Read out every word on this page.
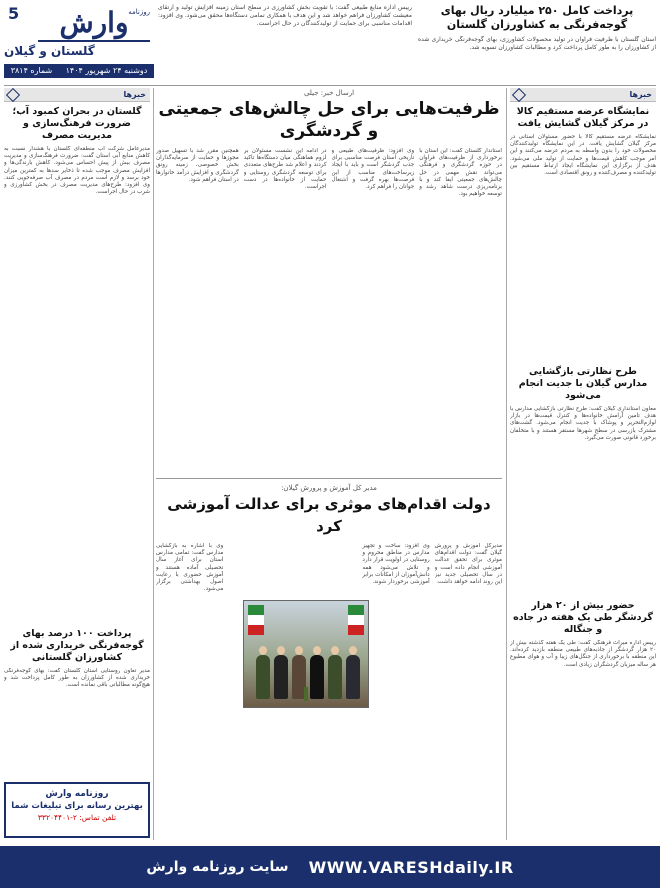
5	وارش روزنامه
گلستان و گیلان
دوشنبه ۲۴ شهریور ۱۴۰۴
شماره ۳۸۱۴
رییس اداره منابع طبیعی گفت: با تقویت بخش کشاورزی در سطح استان زمینه افزایش تولید و ارتقای معیشت کشاورزان فراهم خواهد شد و این هدف با همکاری تمامی دستگاه‌ها محقق می‌شود. وی افزود: اقدامات مناسبی برای حمایت از تولیدکنندگان در حال اجراست.
پرداخت کامل ۲۵۰ میلیارد ریال بهای گوجه‌فرنگی به کشاورزان گلستان

استان گلستان با ظرفیت فراوان در تولید محصولات کشاورزی، بهای گوجه‌فرنگی خریداری شده از کشاورزان را به طور کامل پرداخت کرد و مطالبات کشاورزان تسویه شد.

خبرها
نمایشگاه عرضه مستقیم کالا در مرکز گیلان گشایش یافت
نمایشگاه عرضه مستقیم کالا با حضور مسئولان استانی در مرکز گیلان گشایش یافت. در این نمایشگاه تولیدکنندگان محصولات خود را بدون واسطه به مردم عرضه می‌کنند و این امر موجب کاهش قیمت‌ها و حمایت از تولید ملی می‌شود. هدف از برگزاری این نمایشگاه ایجاد ارتباط مستقیم بین تولیدکننده و مصرف‌کننده و رونق اقتصادی است.
طرح نظارتی بازگشایی مدارس گیلان با جدیت انجام می‌شود
معاون استانداری گیلان گفت: طرح نظارتی بازگشایی مدارس با هدف تامین آرامش خانواده‌ها و کنترل قیمت‌ها در بازار لوازم‌التحریر و پوشاک با جدیت انجام می‌شود. گشت‌های مشترک بازرسی در سطح شهرها مستقر هستند و با متخلفان برخورد قانونی صورت می‌گیرد.
حضور بیش از ۲۰ هزار گردشگر طی یک هفته در جاده و جنگاله
رییس اداره میراث فرهنگی گفت: طی یک هفته گذشته بیش از ۲۰ هزار گردشگر از جاذبه‌های طبیعی منطقه بازدید کرده‌اند. این منطقه با برخورداری از جنگل‌های زیبا و آب و هوای مطبوع هر ساله میزبان گردشگران زیادی است.
خبرها
گلستان در بحران کمبود آب؛ ضرورت فرهنگ‌سازی و مدیریت مصرف
مدیرعامل شرکت آب منطقه‌ای گلستان با هشدار نسبت به کاهش منابع آبی استان گفت: ضرورت فرهنگ‌سازی و مدیریت مصرف بیش از پیش احساس می‌شود. کاهش بارندگی‌ها و افزایش مصرف موجب شده تا ذخایر سدها به کمترین میزان خود برسد و لازم است مردم در مصرف آب صرفه‌جویی کنند. وی افزود: طرح‌های مدیریت مصرف در بخش کشاورزی و شرب در حال اجراست.
پرداخت ۱۰۰ درصد بهای گوجه‌فرنگی خریداری شده از کشاورزان گلستانی
مدیر تعاون روستایی استان گلستان گفت: بهای گوجه‌فرنگی خریداری شده از کشاورزان به طور کامل پرداخت شد و هیچ‌گونه مطالباتی باقی نمانده است.
ارسال خبر: جیلی
ظرفیت‌هایی برای حل چالش‌های جمعیتی و گردشگری
استاندار گلستان گفت: این استان با برخورداری از ظرفیت‌های فراوان در حوزه گردشگری و فرهنگی می‌تواند نقش مهمی در حل چالش‌های جمعیتی ایفا کند و با برنامه‌ریزی درست شاهد رشد و توسعه خواهیم بود.
وی افزود: ظرفیت‌های طبیعی و تاریخی استان فرصت مناسبی برای جذب گردشگر است و باید با ایجاد زیرساخت‌های مناسب از این فرصت‌ها بهره گرفت و اشتغال جوانان را فراهم کرد.
در ادامه این نشست مسئولان بر لزوم هماهنگی میان دستگاه‌ها تاکید کردند و اعلام شد طرح‌های متعددی برای توسعه گردشگری روستایی و حمایت از خانواده‌ها در دست اجراست.
همچنین مقرر شد با تسهیل صدور مجوزها و حمایت از سرمایه‌گذاران بخش خصوصی، زمینه رونق گردشگری و افزایش درآمد خانوارها در استان فراهم شود.
مدیر کل آموزش و پرورش گیلان:
دولت اقدام‌های موثری برای عدالت آموزشی کرد
مدیرکل آموزش و پرورش گیلان گفت: دولت اقدام‌های موثری برای تحقق عدالت آموزشی انجام داده است و در سال تحصیلی جدید نیز این روند ادامه خواهد داشت.
وی افزود: ساخت و تجهیز مدارس در مناطق محروم و روستایی در اولویت قرار دارد و تلاش می‌شود همه دانش‌آموزان از امکانات برابر آموزشی برخوردار شوند.
وی با اشاره به بازگشایی مدارس گفت: تمامی مدارس استان برای آغاز سال تحصیلی آماده هستند و آموزش حضوری با رعایت اصول بهداشتی برگزار می‌شود.
روزنامه وارش
بهترین رسانه برای تبلیغات شما
تلفن تماس: ۲-۳۳۲۰۴۴۰۱
WWW.VARESHdaily.IR
سایت روزنامه وارش
